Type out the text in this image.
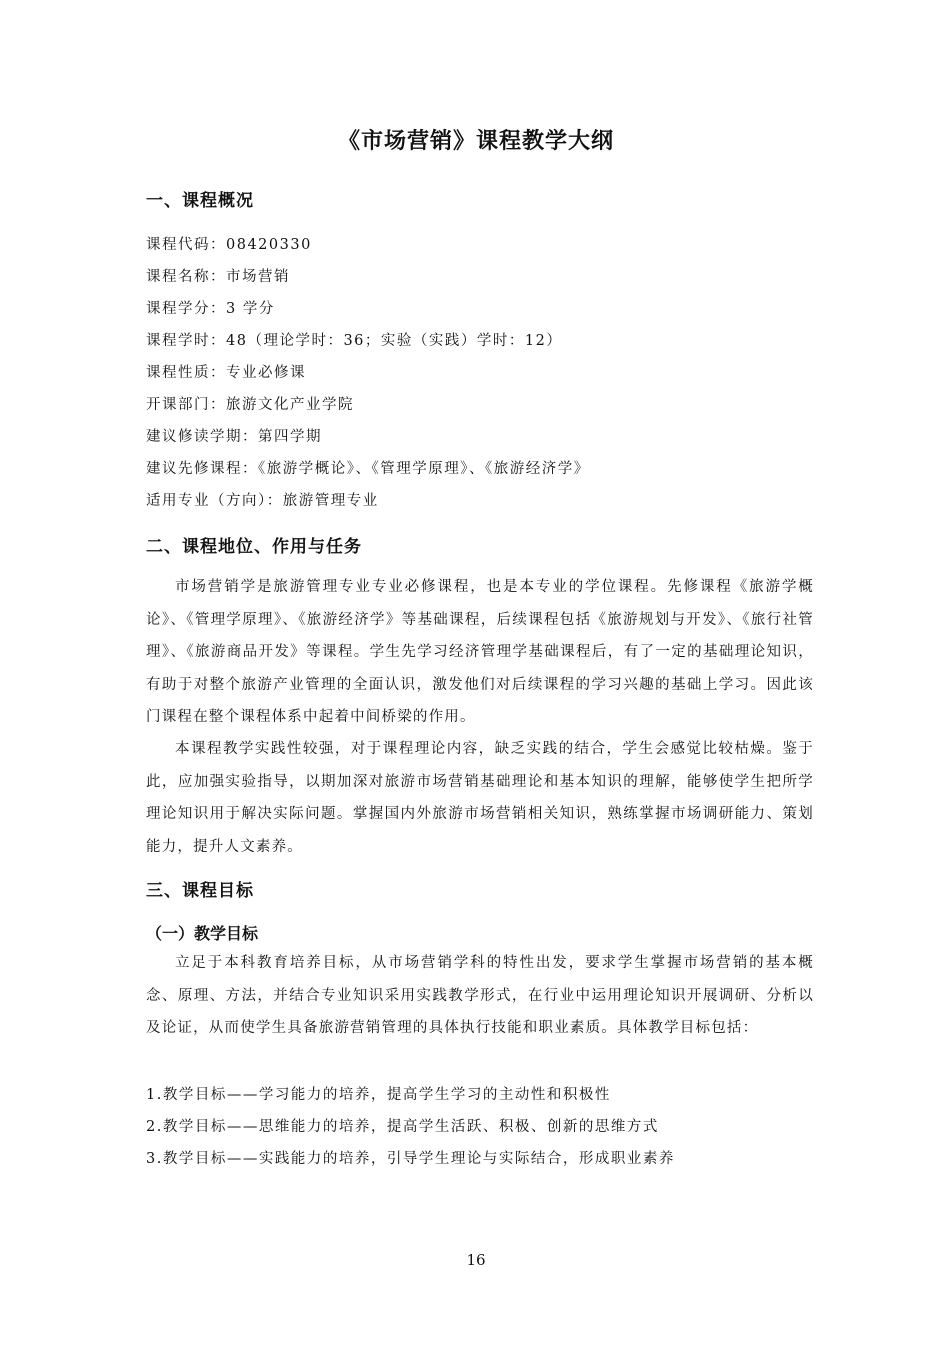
《市场营销》课程教学大纲
一、课程概况
课程代码：08420330
课程名称：市场营销
课程学分：3 学分
课程学时：48（理论学时：36；实验（实践）学时：12）
课程性质：专业必修课
开课部门：旅游文化产业学院
建议修读学期：第四学期
建议先修课程：《旅游学概论》、《管理学原理》、《旅游经济学》
适用专业（方向）：旅游管理专业
二、课程地位、作用与任务
市场营销学是旅游管理专业专业必修课程，也是本专业的学位课程。先修课程《旅游学概论》、《管理学原理》、《旅游经济学》等基础课程，后续课程包括《旅游规划与开发》、《旅行社管理》、《旅游商品开发》等课程。学生先学习经济管理学基础课程后，有了一定的基础理论知识，有助于对整个旅游产业管理的全面认识，激发他们对后续课程的学习兴趣的基础上学习。因此该门课程在整个课程体系中起着中间桥梁的作用。
本课程教学实践性较强，对于课程理论内容，缺乏实践的结合，学生会感觉比较枯燥。鉴于此，应加强实验指导，以期加深对旅游市场营销基础理论和基本知识的理解，能够使学生把所学理论知识用于解决实际问题。掌握国内外旅游市场营销相关知识，熟练掌握市场调研能力、策划能力，提升人文素养。
三、课程目标
（一）教学目标
立足于本科教育培养目标，从市场营销学科的特性出发，要求学生掌握市场营销的基本概念、原理、方法，并结合专业知识采用实践教学形式，在行业中运用理论知识开展调研、分析以及论证，从而使学生具备旅游营销管理的具体执行技能和职业素质。具体教学目标包括：
1.教学目标——学习能力的培养，提高学生学习的主动性和积极性
2.教学目标——思维能力的培养，提高学生活跃、积极、创新的思维方式
3.教学目标——实践能力的培养，引导学生理论与实际结合，形成职业素养
16
